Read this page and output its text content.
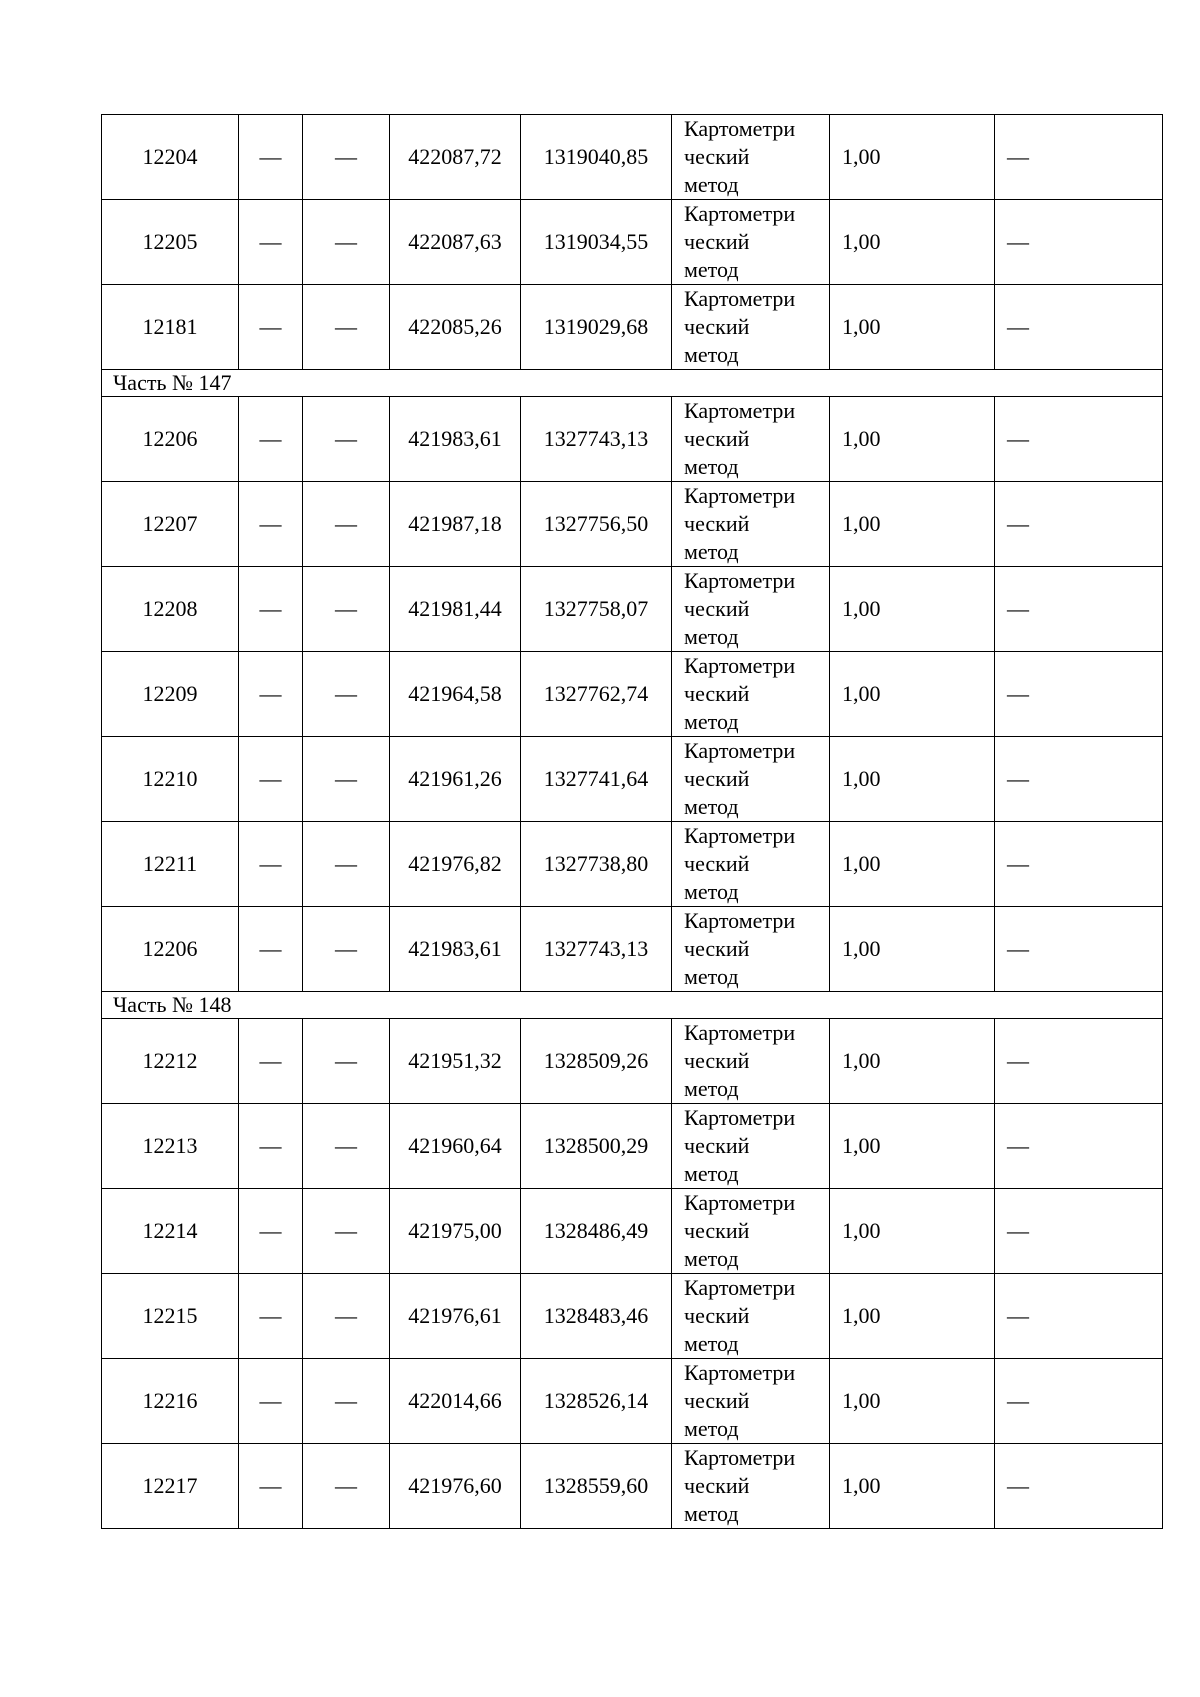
12204	—	—	422087,72	1319040,85	Картометри
ческий
метод	1,00	—
12205	—	—	422087,63	1319034,55	Картометри
ческий
метод	1,00	—
12181	—	—	422085,26	1319029,68	Картометри
ческий
метод	1,00	—
Часть № 147							
12206	—	—	421983,61	1327743,13	Картометри
ческий
метод	1,00	—
12207	—	—	421987,18	1327756,50	Картометри
ческий
метод	1,00	—
12208	—	—	421981,44	1327758,07	Картометри
ческий
метод	1,00	—
12209	—	—	421964,58	1327762,74	Картометри
ческий
метод	1,00	—
12210	—	—	421961,26	1327741,64	Картометри
ческий
метод	1,00	—
12211	—	—	421976,82	1327738,80	Картометри
ческий
метод	1,00	—
12206	—	—	421983,61	1327743,13	Картометри
ческий
метод	1,00	—
Часть № 148							
12212	—	—	421951,32	1328509,26	Картометри
ческий
метод	1,00	—
12213	—	—	421960,64	1328500,29	Картометри
ческий
метод	1,00	—
12214	—	—	421975,00	1328486,49	Картометри
ческий
метод	1,00	—
12215	—	—	421976,61	1328483,46	Картометри
ческий
метод	1,00	—
12216	—	—	422014,66	1328526,14	Картометри
ческий
метод	1,00	—
12217	—	—	421976,60	1328559,60	Картометри
ческий
метод	1,00	—
